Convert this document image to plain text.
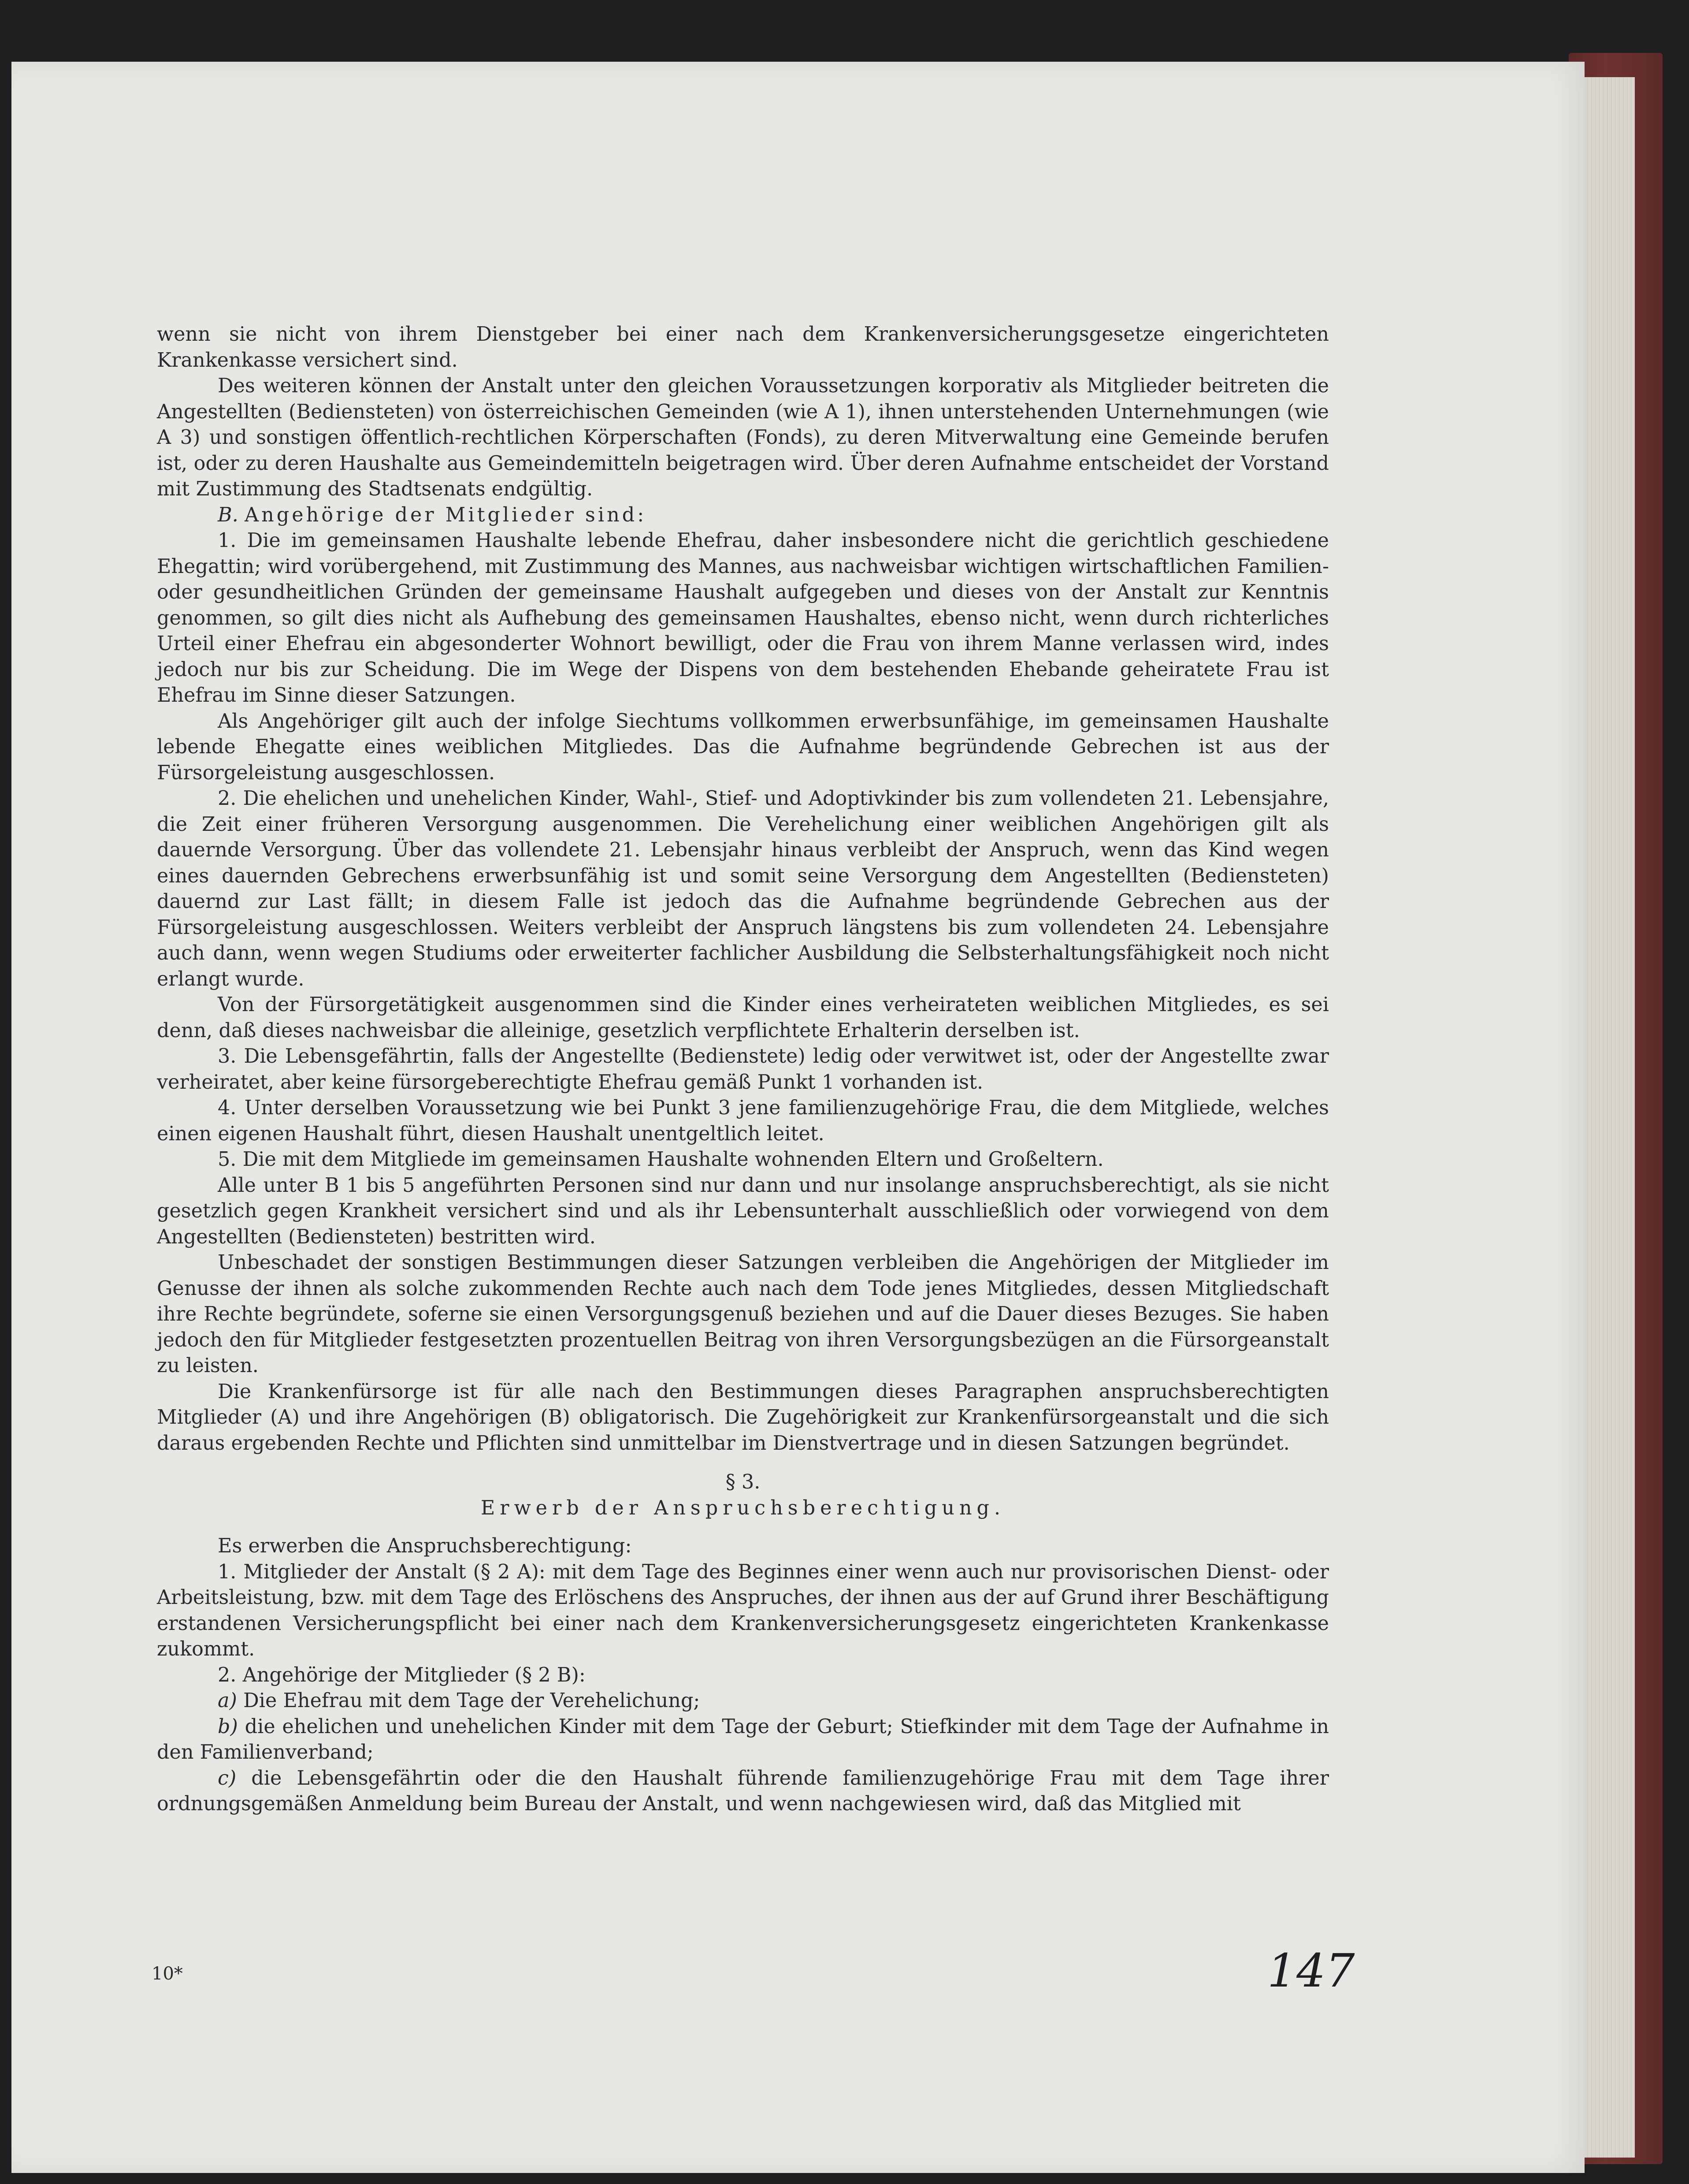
wenn sie nicht von ihrem Dienstgeber bei einer nach dem Krankenversicherungsgesetze eingerichteten Krankenkasse versichert sind.

Des weiteren können der Anstalt unter den gleichen Voraussetzungen korporativ als Mitglieder beitreten die Angestellten (Bediensteten) von österreichischen Gemeinden (wie A 1), ihnen unterstehenden Unternehmungen (wie A 3) und sonstigen öffentlich-rechtlichen Körperschaften (Fonds), zu deren Mitverwaltung eine Gemeinde berufen ist, oder zu deren Haushalte aus Gemeindemitteln beigetragen wird. Über deren Aufnahme entscheidet der Vorstand mit Zustimmung des Stadtsenats endgültig.

B. Angehörige der Mitglieder sind:

1. Die im gemeinsamen Haushalte lebende Ehefrau, daher insbesondere nicht die gerichtlich geschiedene Ehegattin; wird vorübergehend, mit Zustimmung des Mannes, aus nachweisbar wichtigen wirtschaftlichen Familien- oder gesundheitlichen Gründen der gemeinsame Haushalt aufgegeben und dieses von der Anstalt zur Kenntnis genommen, so gilt dies nicht als Aufhebung des gemeinsamen Haushaltes, ebenso nicht, wenn durch richterliches Urteil einer Ehefrau ein abgesonderter Wohnort bewilligt, oder die Frau von ihrem Manne verlassen wird, indes jedoch nur bis zur Scheidung. Die im Wege der Dispens von dem bestehenden Ehebande geheiratete Frau ist Ehefrau im Sinne dieser Satzungen.

Als Angehöriger gilt auch der infolge Siechtums vollkommen erwerbsunfähige, im gemeinsamen Haushalte lebende Ehegatte eines weiblichen Mitgliedes. Das die Aufnahme begründende Gebrechen ist aus der Fürsorgeleistung ausgeschlossen.

2. Die ehelichen und unehelichen Kinder, Wahl-, Stief- und Adoptivkinder bis zum vollendeten 21. Lebensjahre, die Zeit einer früheren Versorgung ausgenommen. Die Verehelichung einer weiblichen Angehörigen gilt als dauernde Versorgung. Über das vollendete 21. Lebensjahr hinaus verbleibt der Anspruch, wenn das Kind wegen eines dauernden Gebrechens erwerbsunfähig ist und somit seine Versorgung dem Angestellten (Bediensteten) dauernd zur Last fällt; in diesem Falle ist jedoch das die Aufnahme begründende Gebrechen aus der Fürsorgeleistung ausgeschlossen. Weiters verbleibt der Anspruch längstens bis zum vollendeten 24. Lebensjahre auch dann, wenn wegen Studiums oder erweiterter fachlicher Ausbildung die Selbsterhaltungsfähigkeit noch nicht erlangt wurde.

Von der Fürsorgetätigkeit ausgenommen sind die Kinder eines verheirateten weiblichen Mitgliedes, es sei denn, daß dieses nachweisbar die alleinige, gesetzlich verpflichtete Erhalterin derselben ist.

3. Die Lebensgefährtin, falls der Angestellte (Bedienstete) ledig oder verwitwet ist, oder der Angestellte zwar verheiratet, aber keine fürsorgeberechtigte Ehefrau gemäß Punkt 1 vorhanden ist.

4. Unter derselben Voraussetzung wie bei Punkt 3 jene familienzugehörige Frau, die dem Mitgliede, welches einen eigenen Haushalt führt, diesen Haushalt unentgeltlich leitet.

5. Die mit dem Mitgliede im gemeinsamen Haushalte wohnenden Eltern und Großeltern.

Alle unter B 1 bis 5 angeführten Personen sind nur dann und nur insolange anspruchsberechtigt, als sie nicht gesetzlich gegen Krankheit versichert sind und als ihr Lebensunterhalt ausschließlich oder vorwiegend von dem Angestellten (Bediensteten) bestritten wird.

Unbeschadet der sonstigen Bestimmungen dieser Satzungen verbleiben die Angehörigen der Mitglieder im Genusse der ihnen als solche zukommenden Rechte auch nach dem Tode jenes Mitgliedes, dessen Mitgliedschaft ihre Rechte begründete, soferne sie einen Versorgungsgenuß beziehen und auf die Dauer dieses Bezuges. Sie haben jedoch den für Mitglieder festgesetzten prozentuellen Beitrag von ihren Versorgungsbezügen an die Fürsorgeanstalt zu leisten.

Die Krankenfürsorge ist für alle nach den Bestimmungen dieses Paragraphen anspruchsberechtigten Mitglieder (A) und ihre Angehörigen (B) obligatorisch. Die Zugehörigkeit zur Krankenfürsorgeanstalt und die sich daraus ergebenden Rechte und Pflichten sind unmittelbar im Dienstvertrage und in diesen Satzungen begründet.

§ 3.

Erwerb der Anspruchsberechtigung.

Es erwerben die Anspruchsberechtigung:

1. Mitglieder der Anstalt (§ 2 A): mit dem Tage des Beginnes einer wenn auch nur provisorischen Dienst- oder Arbeitsleistung, bzw. mit dem Tage des Erlöschens des Anspruches, der ihnen aus der auf Grund ihrer Beschäftigung erstandenen Versicherungspflicht bei einer nach dem Krankenversicherungsgesetz eingerichteten Krankenkasse zukommt.

2. Angehörige der Mitglieder (§ 2 B):

a) Die Ehefrau mit dem Tage der Verehelichung;

b) die ehelichen und unehelichen Kinder mit dem Tage der Geburt; Stiefkinder mit dem Tage der Aufnahme in den Familienverband;

c) die Lebensgefährtin oder die den Haushalt führende familienzugehörige Frau mit dem Tage ihrer ordnungsgemäßen Anmeldung beim Bureau der Anstalt, und wenn nachgewiesen wird, daß das Mitglied mit

10*	147
